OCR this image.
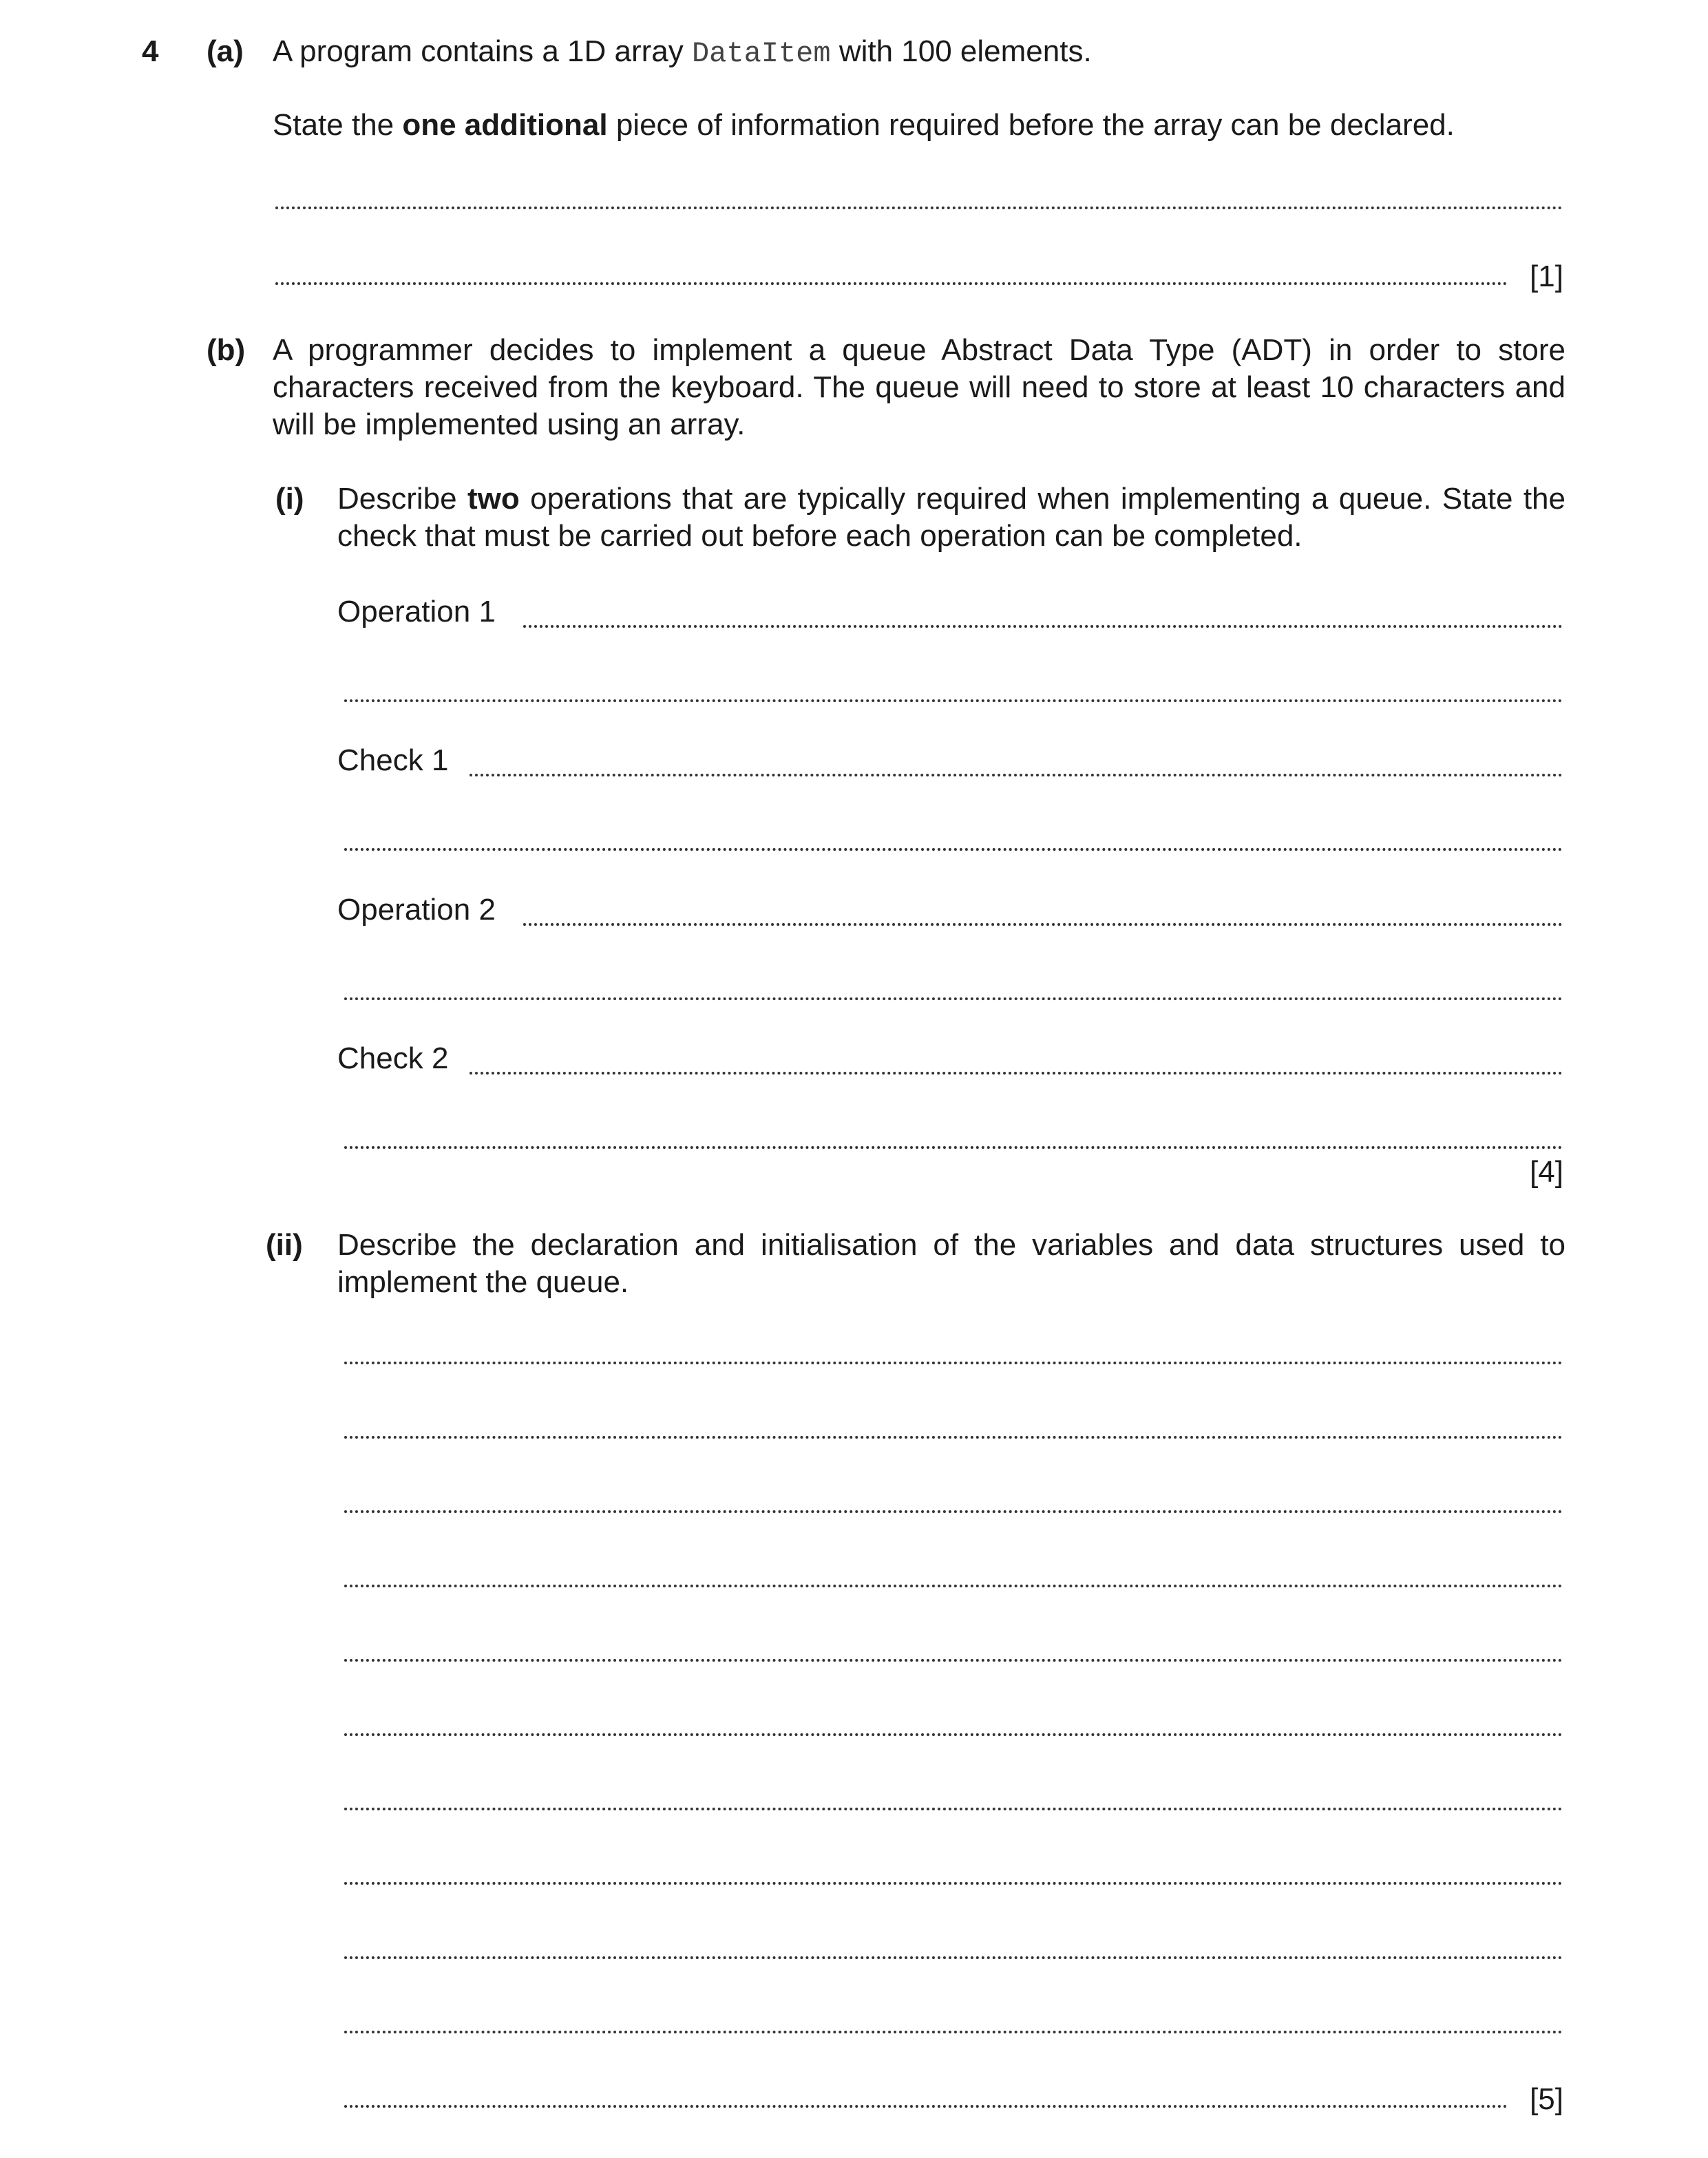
4 (a) A program contains a 1D array DataItem with 100 elements.
State the one additional piece of information required before the array can be declared.
[1]
(b) A programmer decides to implement a queue Abstract Data Type (ADT) in order to store characters received from the keyboard. The queue will need to store at least 10 characters and will be implemented using an array.
(i) Describe two operations that are typically required when implementing a queue. State the check that must be carried out before each operation can be completed.
Operation 1
Check 1
Operation 2
Check 2
[4]
(ii) Describe the declaration and initialisation of the variables and data structures used to implement the queue.
[5]
